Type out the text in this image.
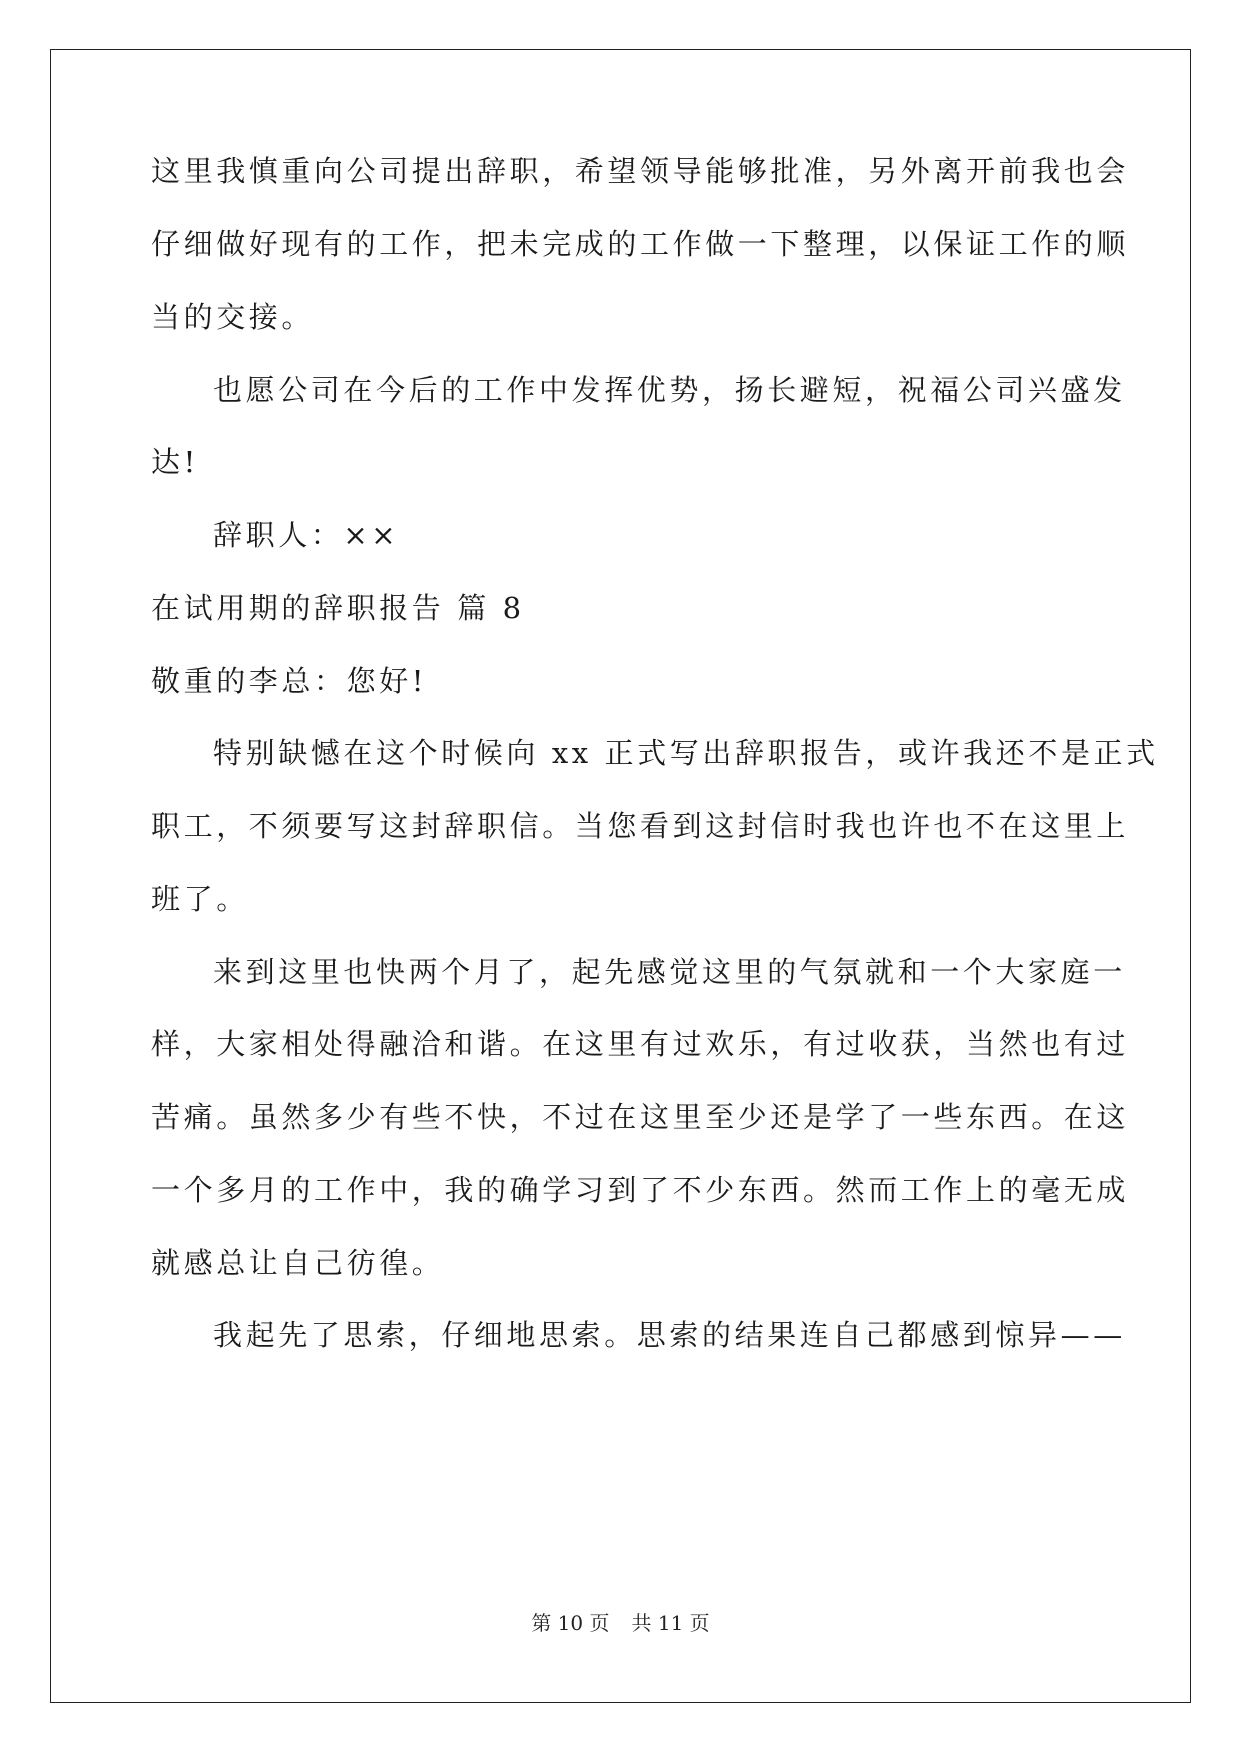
这里我慎重向公司提出辞职，希望领导能够批准，另外离开前我也会
仔细做好现有的工作，把未完成的工作做一下整理，以保证工作的顺
当的交接。
也愿公司在今后的工作中发挥优势，扬长避短，祝福公司兴盛发
达!
辞职人：××
在试用期的辞职报告 篇 8
敬重的李总：您好!
特别缺憾在这个时候向 xx 正式写出辞职报告，或许我还不是正式
职工，不须要写这封辞职信。当您看到这封信时我也许也不在这里上
班了。
来到这里也快两个月了，起先感觉这里的气氛就和一个大家庭一
样，大家相处得融洽和谐。在这里有过欢乐，有过收获，当然也有过
苦痛。虽然多少有些不快，不过在这里至少还是学了一些东西。在这
一个多月的工作中，我的确学习到了不少东西。然而工作上的毫无成
就感总让自己彷徨。
我起先了思索，仔细地思索。思索的结果连自己都感到惊异——
第 10 页 共 11 页
